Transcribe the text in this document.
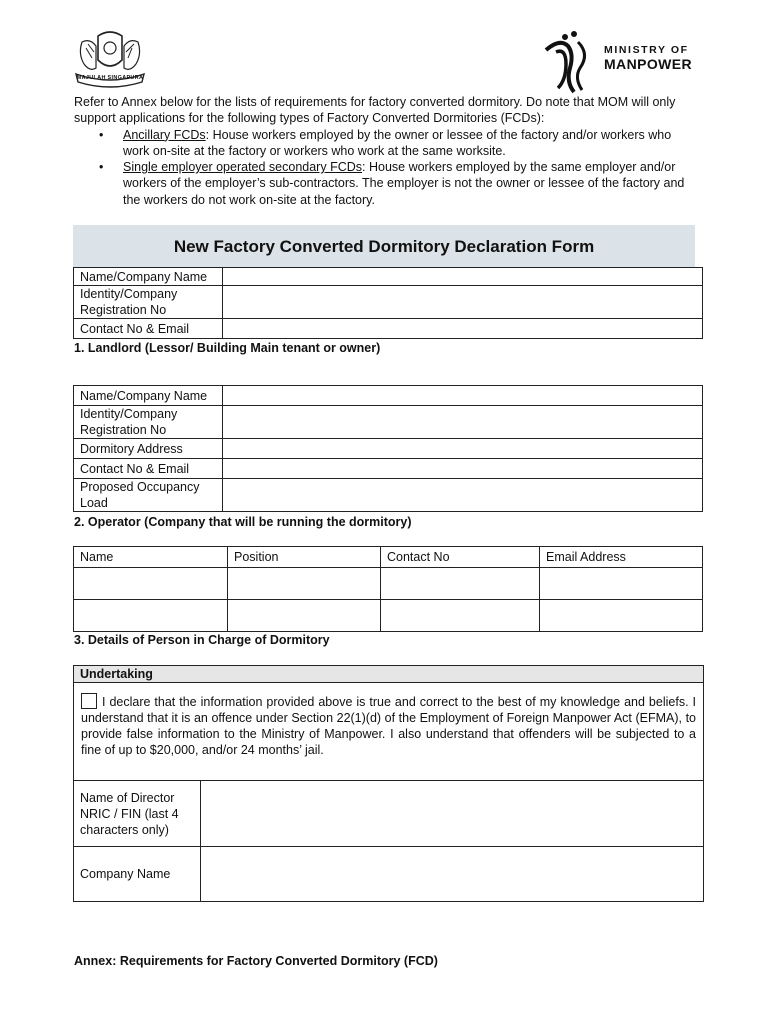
MAJULAH SINGAPURA
MINISTRY OF
MANPOWER
Refer to Annex below for the lists of requirements for factory converted dormitory. Do note that MOM will only support applications for the following types of Factory Converted Dormitories (FCDs):
• Ancillary FCDs: House workers employed by the owner or lessee of the factory and/or workers who work on-site at the factory or workers who work at the same worksite.
• Single employer operated secondary FCDs: House workers employed by the same employer and/or workers of the employer’s sub-contractors. The employer is not the owner or lessee of the factory and the workers do not work on-site at the factory.
New Factory Converted Dormitory Declaration Form
Name/Company Name	
Identity/Company Registration No	
Contact No & Email	
1. Landlord (Lessor/ Building Main tenant or owner)
Name/Company Name	
Identity/Company Registration No	
Dormitory Address	
Contact No & Email	
Proposed Occupancy Load	
2. Operator (Company that will be running the dormitory)
Name	Position	Contact No	Email Address

3. Details of Person in Charge of Dormitory
Undertaking	
I declare that the information provided above is true and correct to the best of my knowledge and beliefs. I understand that it is an offence under Section 22(1)(d) of the Employment of Foreign Manpower Act (EFMA), to provide false information to the Ministry of Manpower. I also understand that offenders will be subjected to a fine of up to $20,000, and/or 24 months’ jail.	
Name of Director NRIC / FIN (last 4 characters only)	
Company Name	
Annex: Requirements for Factory Converted Dormitory (FCD)
